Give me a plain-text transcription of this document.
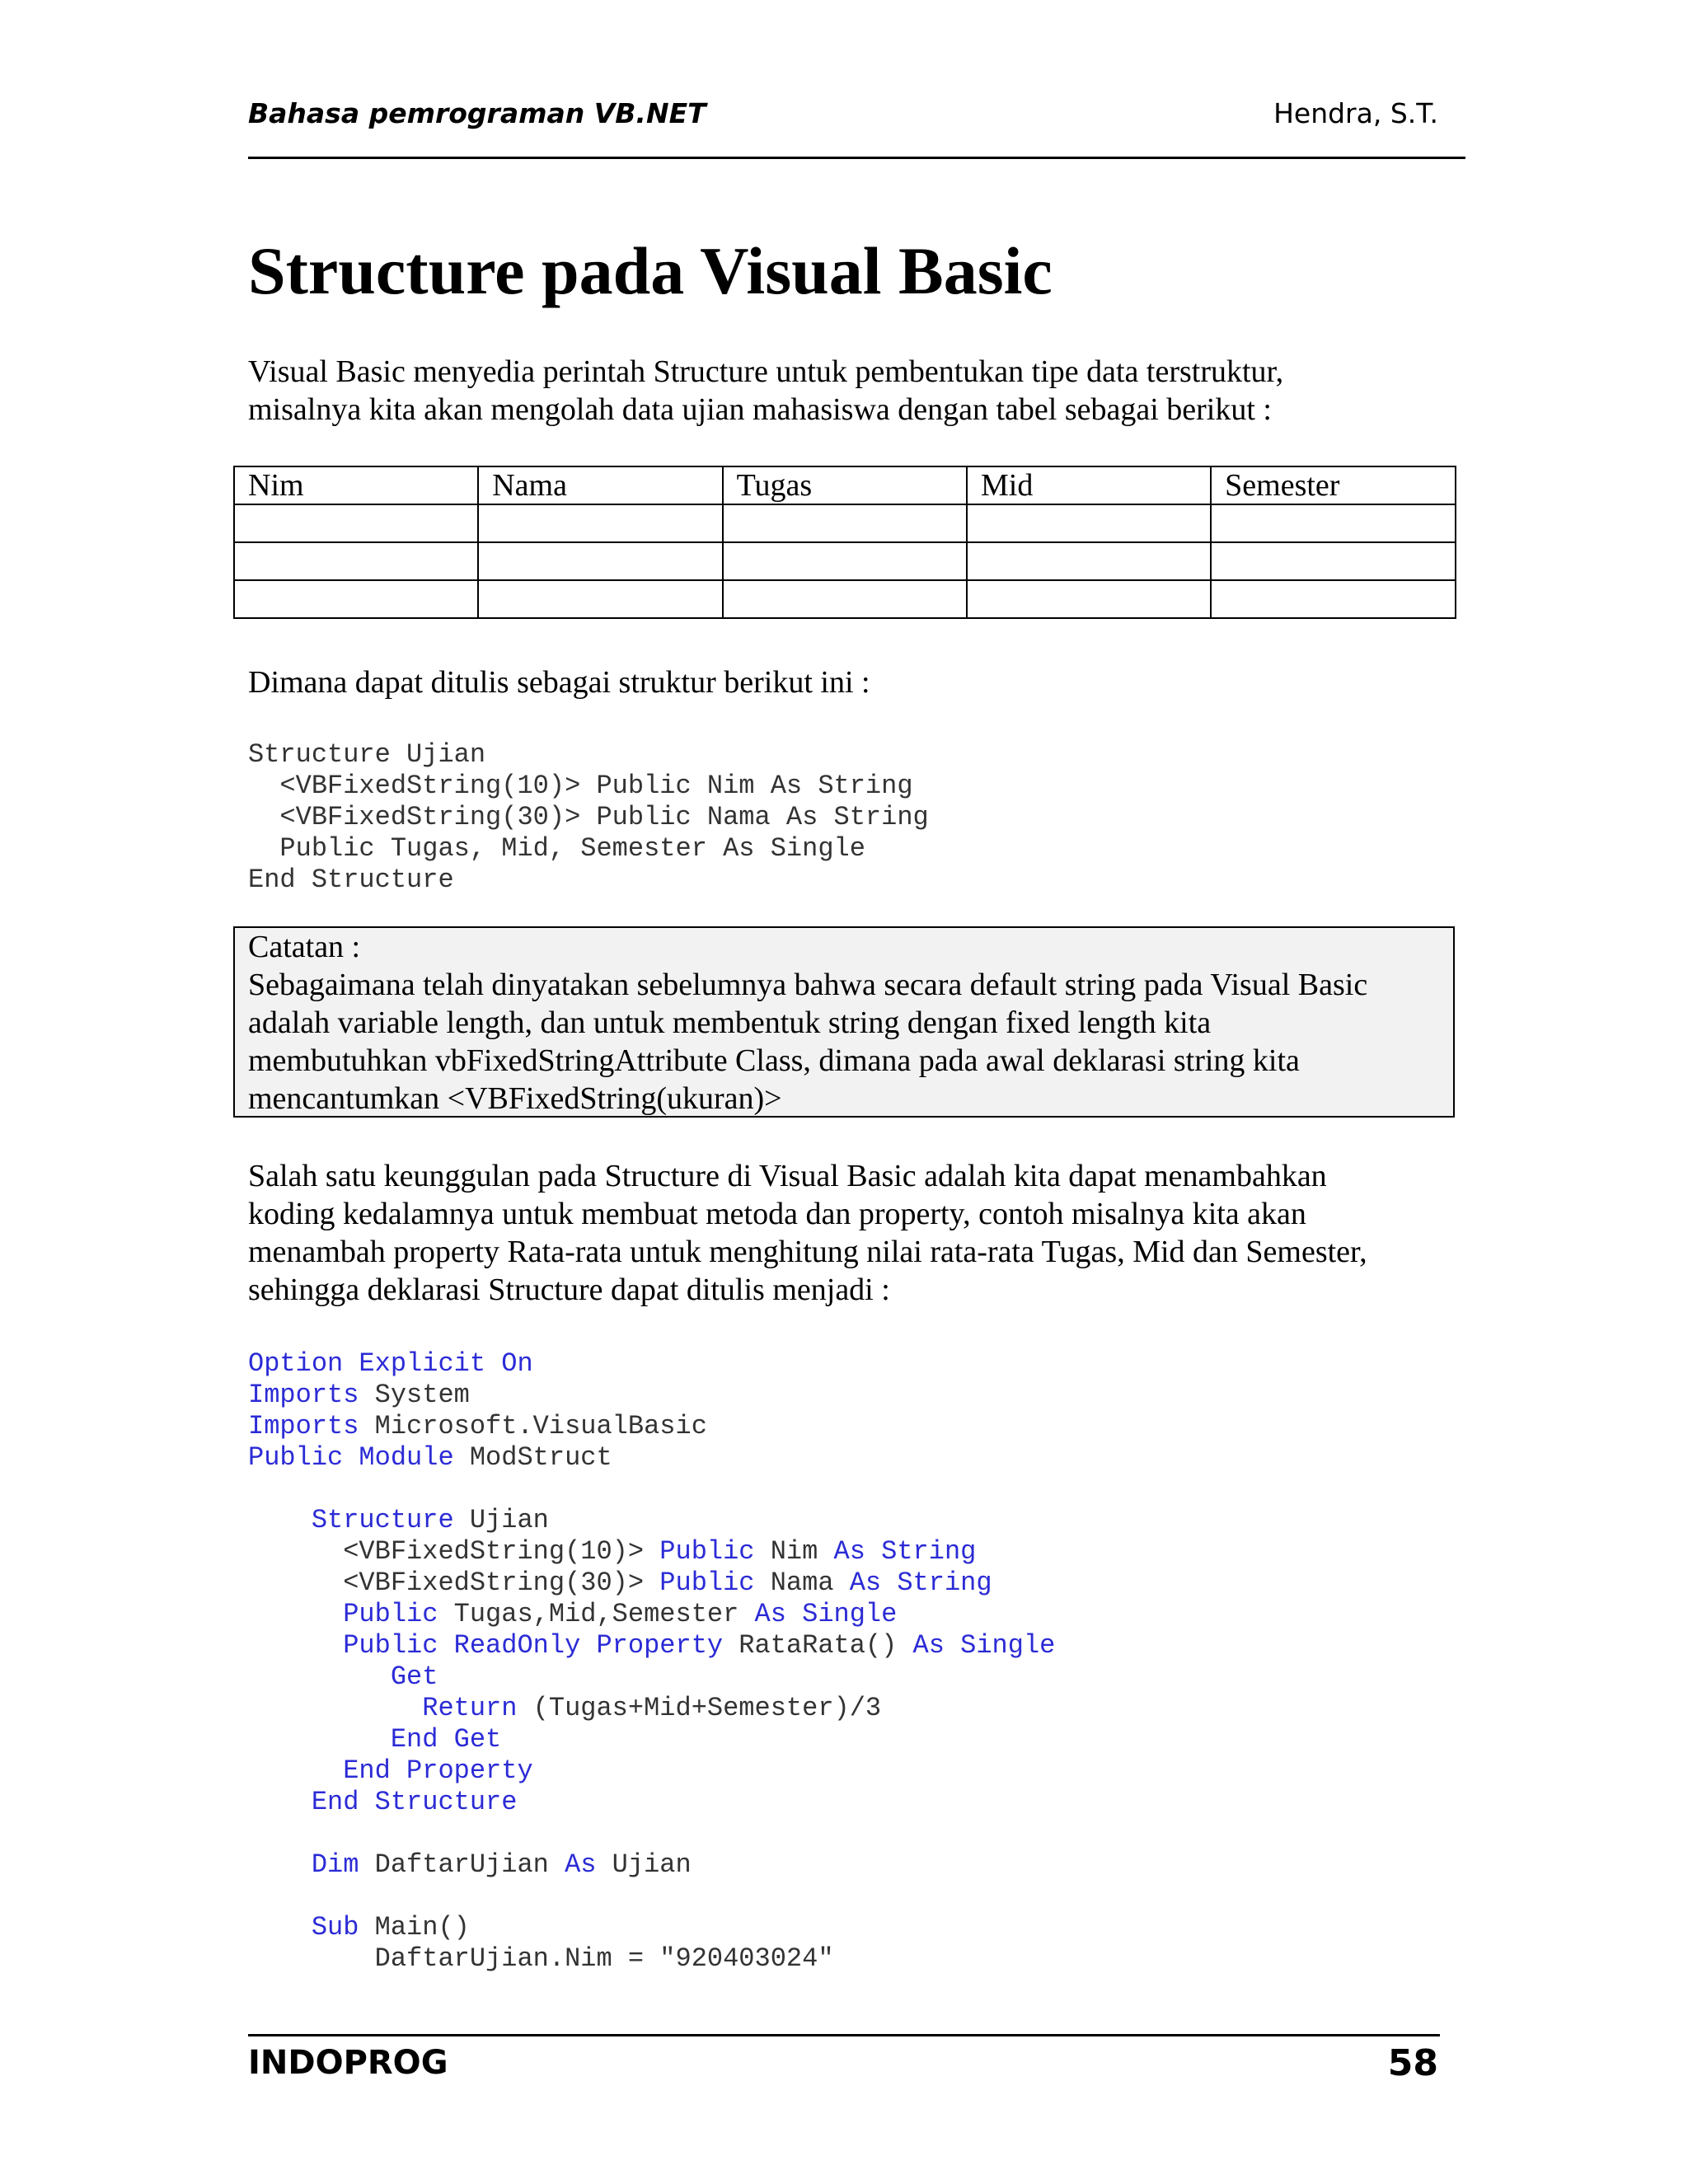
Bahasa pemrograman VB.NET	Hendra, S.T.
Structure pada Visual Basic
Visual Basic menyedia perintah Structure untuk pembentukan tipe data terstruktur,
misalnya kita akan mengolah data ujian mahasiswa dengan tabel sebagai berikut :
Nim	Nama	Tugas	Mid	Semester

Dimana dapat ditulis sebagai struktur berikut ini :
Structure Ujian
<VBFixedString(10)> Public Nim As String
<VBFixedString(30)> Public Nama As String
Public Tugas, Mid, Semester As Single
End Structure
Catatan :
Sebagaimana telah dinyatakan sebelumnya bahwa secara default string pada Visual Basic
adalah variable length, dan untuk membentuk string dengan fixed length kita
membutuhkan vbFixedStringAttribute Class, dimana pada awal deklarasi string kita
mencantumkan <VBFixedString(ukuran)>
Salah satu keunggulan pada Structure di Visual Basic adalah kita dapat menambahkan
koding kedalamnya untuk membuat metoda dan property, contoh misalnya kita akan
menambah property Rata-rata untuk menghitung nilai rata-rata Tugas, Mid dan Semester,
sehingga deklarasi Structure dapat ditulis menjadi :
Option Explicit On
Imports System
Imports Microsoft.VisualBasic
Public Module ModStruct
Structure Ujian
<VBFixedString(10)> Public Nim As String
<VBFixedString(30)> Public Nama As String
Public Tugas,Mid,Semester As Single
Public ReadOnly Property RataRata() As Single
Get
Return (Tugas+Mid+Semester)/3
End Get
End Property
End Structure
Dim DaftarUjian As Ujian
Sub Main()
DaftarUjian.Nim = "920403024"
INDOPROG	58
